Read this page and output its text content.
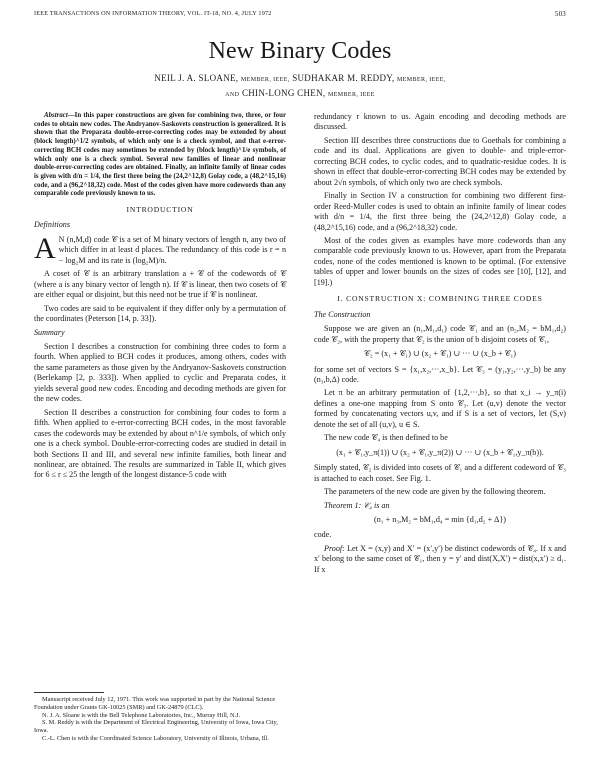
IEEE TRANSACTIONS ON INFORMATION THEORY, VOL. IT-18, NO. 4, JULY 1972	503
New Binary Codes
NEIL J. A. SLOANE, MEMBER, IEEE, SUDHAKAR M. REDDY, MEMBER, IEEE,
AND CHIN-LONG CHEN, MEMBER, IEEE

Abstract—In this paper constructions are given for combining two, three, or four codes to obtain new codes. The Andryanov-Saskovets construction is generalized. It is shown that the Preparata double-error-correcting codes may be extended by about (block length)^1/2 symbols, of which only one is a check symbol, and that e-error-correcting BCH codes may sometimes be extended by (block length)^1/e symbols, of which only one is a check symbol. Several new families of linear and nonlinear double-error-correcting codes are obtained. Finally, an infinite family of linear codes is given with d/n = 1/4, the first three being the (24,2^12,8) Golay code, a (48,2^15,16) code, and a (96,2^18,32) code. Most of the codes given have more codewords than any comparable code previously known to us.

INTRODUCTION
Definitions

A N (n,M,d) code 𝒞 is a set of M binary vectors of length n, any two of which differ in at least d places. The redundancy of this code is r = n − log₂M and its rate is (log₂M)/n.

A coset of 𝒞 is an arbitrary translation a + 𝒞 of the codewords of 𝒞 (where a is any binary vector of length n). If 𝒞 is linear, then two cosets of 𝒞 are either equal or disjoint, but this need not be true if 𝒞 is nonlinear.

Two codes are said to be equivalent if they differ only by a permutation of the coordinates (Peterson [14, p. 33]).

Summary

Section I describes a construction for combining three codes to form a fourth. When applied to BCH codes it produces, among others, codes with the same parameters as those given by the Andryanov-Saskovets construction (Berlekamp [2, p. 333]). When applied to cyclic and Preparata codes, it yields several good new codes. Encoding and decoding methods are given for the new codes.

Section II describes a construction for combining four codes to form a fifth. When applied to e-error-correcting BCH codes, in the most favorable cases the codewords may be extended by about n^1/e symbols, of which only one is a check symbol. Double-error-correcting codes are studied in detail in both Sections II and III, and several new infinite families, both linear and nonlinear, are obtained. The results are summarized in Table II, which gives for 6 ≤ r ≤ 25 the length of the longest distance-5 code with

Manuscript received July 12, 1971. This work was supported in part by the National Science Foundation under Grants GK-10025 (SMR) and GK-24879 (CLC).
N. J. A. Sloane is with the Bell Telephone Laboratories, Inc., Murray Hill, N.J.
S. M. Reddy is with the Department of Electrical Engineering, University of Iowa, Iowa City, Iowa.
C.-L. Chen is with the Coordinated Science Laboratory, University of Illinois, Urbana, Ill.

redundancy r known to us. Again encoding and decoding methods are discussed.

Section III describes three constructions due to Goethals for combining a code and its dual. Applications are given to double- and triple-error-correcting BCH codes, to cyclic codes, and to quadratic-residue codes. It is shown in effect that double-error-correcting BCH codes may be extended by about 2√n symbols, of which only two are check symbols.

Finally in Section IV a construction for combining two different first-order Reed-Muller codes is used to obtain an infinite family of linear codes with d/n = 1/4, the first three being the (24,2^12,8) Golay code, a (48,2^15,16) code, and a (96,2^18,32) code.

Most of the codes given as examples have more codewords than any comparable code previously known to us. However, apart from the Preparata codes, none of the codes mentioned is known to be optimal. (For extensive tables of upper and lower bounds on the sizes of codes see [10], [12], and [19].)

I. CONSTRUCTION X: COMBINING THREE CODES
The Construction

Suppose we are given an (n₁,M₁,d₁) code 𝒞₁ and an (n₂,M₂ = bM₁,d₂) code 𝒞₂, with the property that 𝒞₂ is the union of b disjoint cosets of 𝒞₁,

𝒞₂ = (x₁ + 𝒞₁) ∪ (x₂ + 𝒞₁) ∪ ··· ∪ (x_b + 𝒞₁)

for some set of vectors S = {x₁,x₂,···,x_b}. Let 𝒞₃ = (y₁,y₂,···,y_b) be any (n₃,b,Δ) code.

Let π be an arbitrary permutation of {1,2,···,b}, so that x_i → y_π(i) defines a one-one mapping from S onto 𝒞₃. Let (u,v) denote the vector formed by concatenating vectors u,v, and if S is a set of vectors, let (S,v) denote the set of all (u,v), u ∈ S.

The new code 𝒞₄ is then defined to be

(x₁ + 𝒞₁,y_π(1)) ∪ (x₂ + 𝒞₁,y_π(2)) ∪ ··· ∪ (x_b + 𝒞₁,y_π(b)).

Simply stated, 𝒞₂ is divided into cosets of 𝒞₁ and a different codeword of 𝒞₃ is attached to each coset. See Fig. 1.

The parameters of the new code are given by the following theorem.

Theorem 1: 𝒞₄ is an

(n₁ + n₃,M₂ = bM₁,d₄ = min {d₁,d₂ + Δ})

code.

Proof: Let X = (x,y) and X′ = (x′,y′) be distinct codewords of 𝒞₄. If x and x′ belong to the same coset of 𝒞₁, then y = y′ and dist(X,X′) = dist(x,x′) ≥ d₁. If x
